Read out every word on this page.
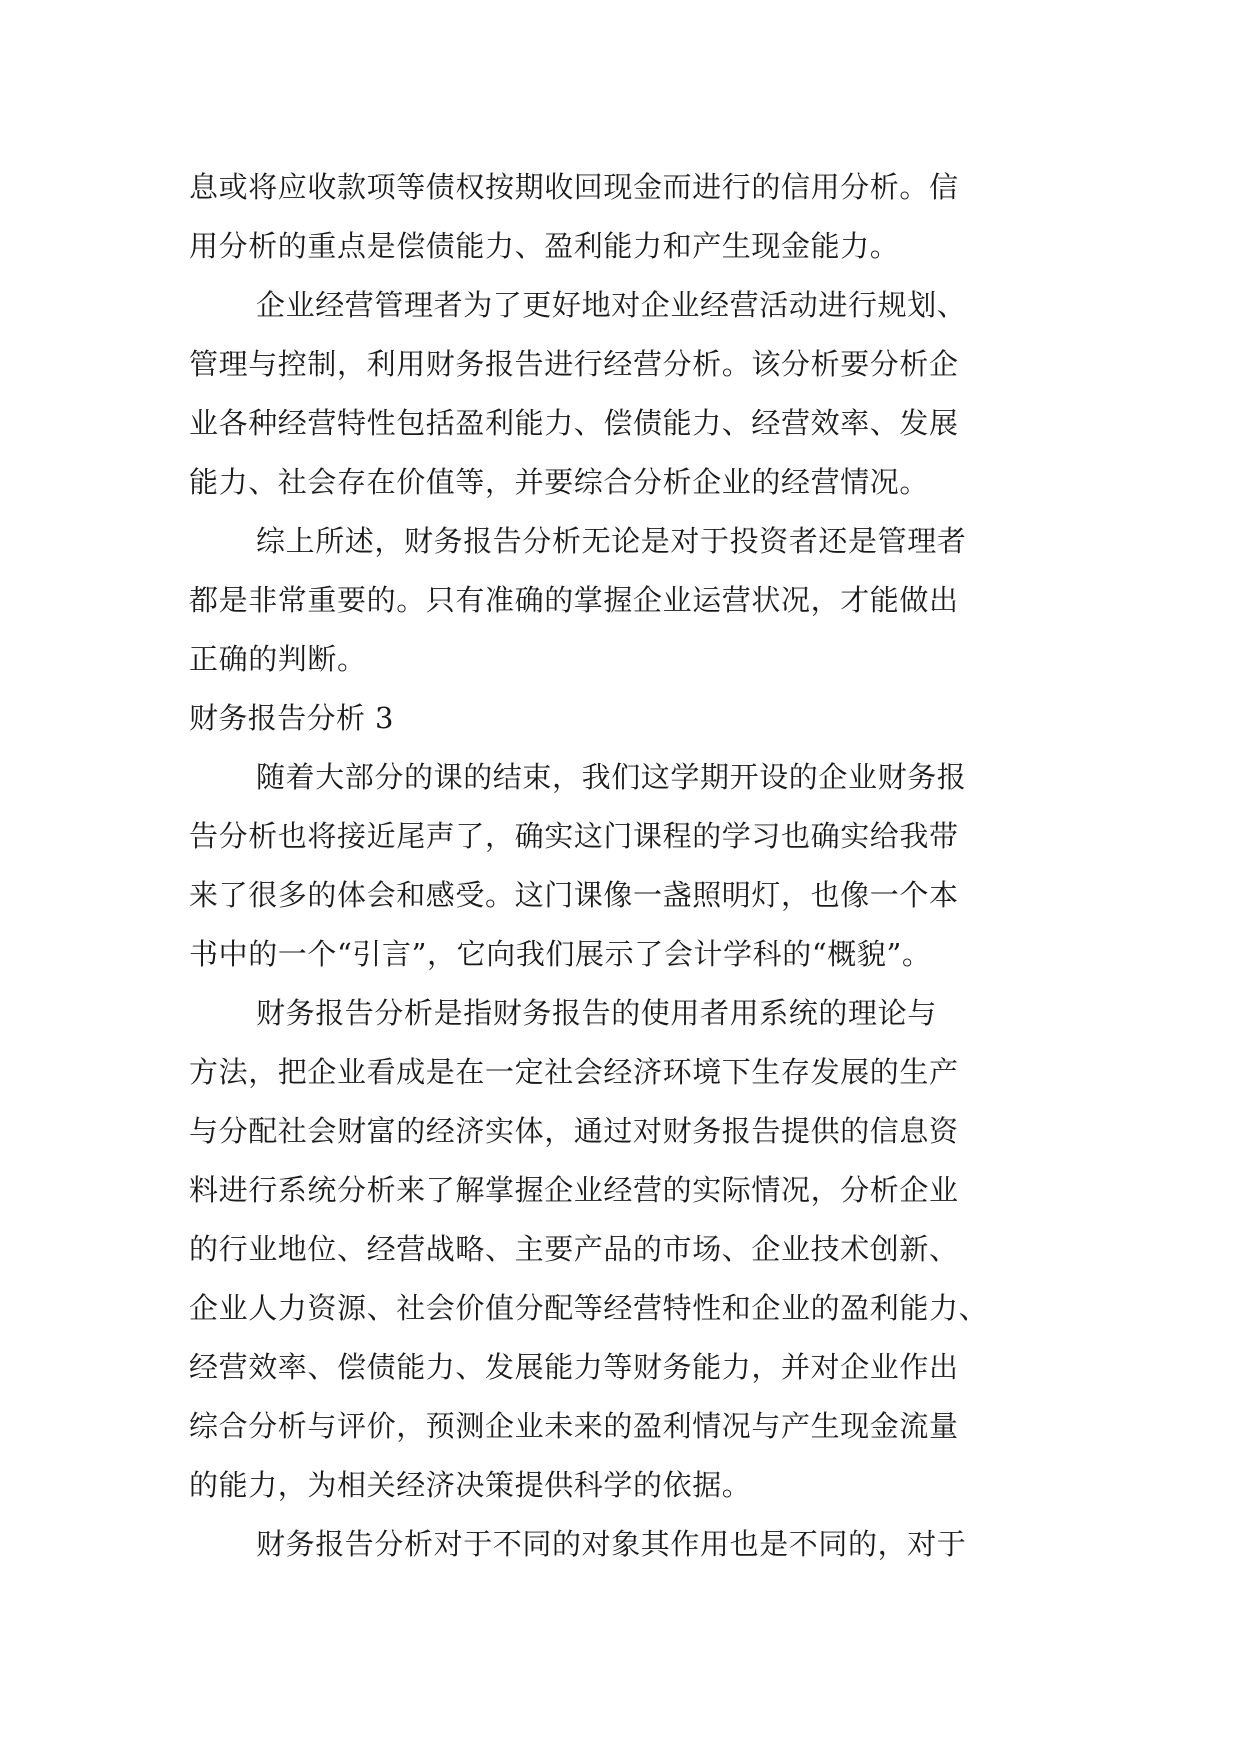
息或将应收款项等债权按期收回现金而进行的信用分析。信
用分析的重点是偿债能力、盈利能力和产生现金能力。
企业经营管理者为了更好地对企业经营活动进行规划、
管理与控制，利用财务报告进行经营分析。该分析要分析企
业各种经营特性包括盈利能力、偿债能力、经营效率、发展
能力、社会存在价值等，并要综合分析企业的经营情况。
综上所述，财务报告分析无论是对于投资者还是管理者
都是非常重要的。只有准确的掌握企业运营状况，才能做出
正确的判断。
财务报告分析 3
随着大部分的课的结束，我们这学期开设的企业财务报
告分析也将接近尾声了，确实这门课程的学习也确实给我带
来了很多的体会和感受。这门课像一盏照明灯，也像一个本
书中的一个“引言”，它向我们展示了会计学科的“概貌”。
财务报告分析是指财务报告的使用者用系统的理论与
方法，把企业看成是在一定社会经济环境下生存发展的生产
与分配社会财富的经济实体，通过对财务报告提供的信息资
料进行系统分析来了解掌握企业经营的实际情况，分析企业
的行业地位、经营战略、主要产品的市场、企业技术创新、
企业人力资源、社会价值分配等经营特性和企业的盈利能力、
经营效率、偿债能力、发展能力等财务能力，并对企业作出
综合分析与评价，预测企业未来的盈利情况与产生现金流量
的能力，为相关经济决策提供科学的依据。
财务报告分析对于不同的对象其作用也是不同的，对于
